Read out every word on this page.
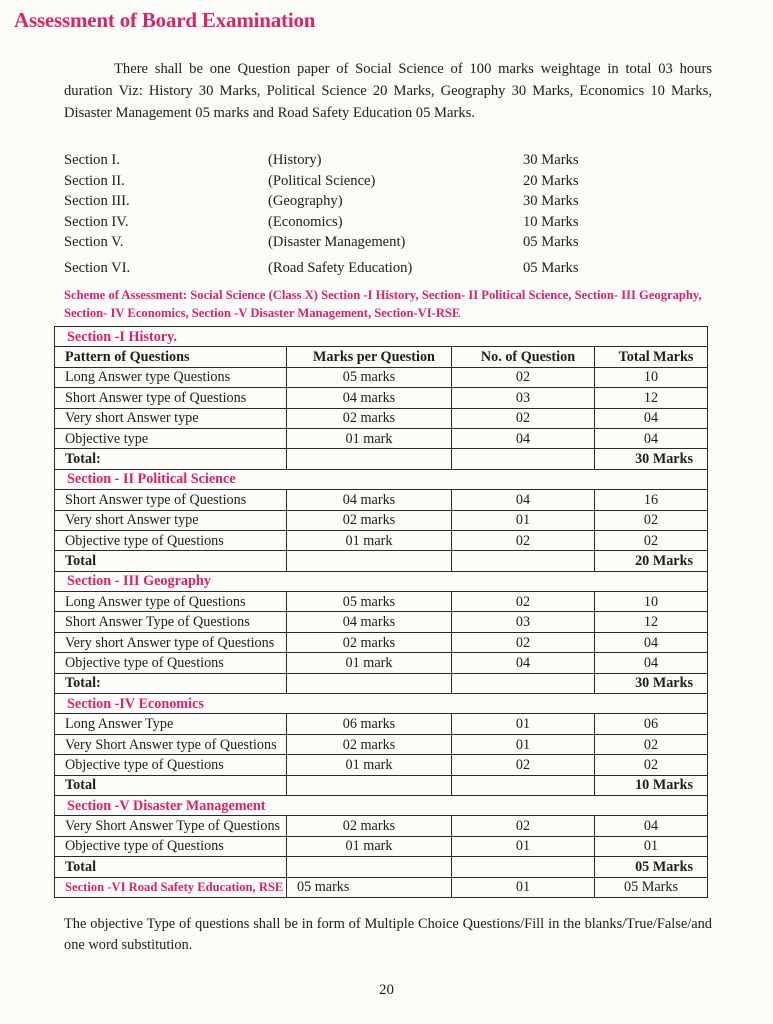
Assessment of Board Examination
There shall be one Question paper of Social Science of 100 marks weightage in total 03 hours duration Viz: History 30 Marks, Political Science 20 Marks, Geography 30 Marks, Economics 10 Marks, Disaster Management 05 marks and Road Safety Education 05 Marks.
Section I.	(History)	30 Marks
Section II.	(Political Science)	20 Marks
Section III.	(Geography)	30 Marks
Section IV.	(Economics)	10 Marks
Section V.	(Disaster Management)	05 Marks
Section VI.	(Road Safety Education)	05 Marks
Scheme of Assessment: Social Science (Class X) Section -I History, Section- II Political Science, Section- III Geography, Section- IV Economics, Section -V Disaster Management, Section-VI-RSE
Section -I History.			
Pattern of Questions	Marks per Question	No. of Question	Total Marks
Long Answer type Questions	05 marks	02	10
Short Answer type of Questions	04 marks	03	12
Very short Answer type	02 marks	02	04
Objective type	01 mark	04	04
Total:			30 Marks
Section - II Political Science			
Short Answer type of Questions	04 marks	04	16
Very short Answer type	02 marks	01	02
Objective type of Questions	01 mark	02	02
Total			20 Marks
Section - III Geography			
Long Answer type of Questions	05 marks	02	10
Short Answer Type of Questions	04 marks	03	12
Very short Answer type of Questions	02 marks	02	04
Objective type of Questions	01 mark	04	04
Total:			30 Marks
Section -IV Economics			
Long Answer Type	06 marks	01	06
Very Short Answer type of Questions	02 marks	01	02
Objective type of Questions	01 mark	02	02
Total			10 Marks
Section -V Disaster Management			
Very Short Answer Type of Questions	02 marks	02	04
Objective type of Questions	01 mark	01	01
Total			05 Marks
Section -VI Road Safety Education, RSE	05 marks	01	05 Marks
The objective Type of questions shall be in form of Multiple Choice Questions/Fill in the blanks/True/False/and one word substitution.
20
